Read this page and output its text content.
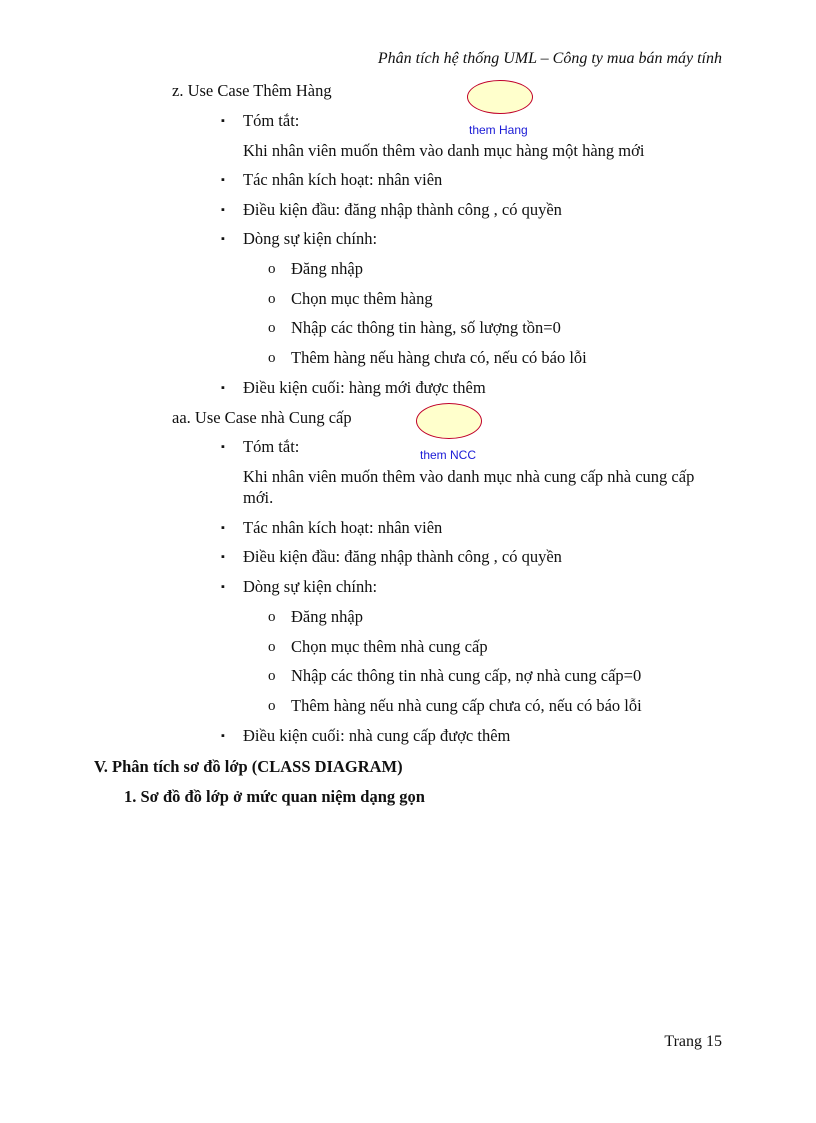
Phân tích hệ thống UML – Công ty mua bán máy tính
z. Use Case Thêm Hàng
them Hang
▪ Tóm tắt:
Khi nhân viên muốn thêm vào danh mục hàng một hàng mới
▪ Tác nhân kích hoạt: nhân viên
▪ Điều kiện đầu: đăng nhập thành công , có quyền
▪ Dòng sự kiện chính:
o Đăng nhập
o Chọn mục thêm hàng
o Nhập các thông tin hàng, số lượng tồn=0
o Thêm hàng nếu hàng chưa có, nếu có báo lỗi
▪ Điều kiện cuối: hàng mới được thêm
aa. Use Case nhà Cung cấp
them NCC
▪ Tóm tắt:
Khi nhân viên muốn thêm vào danh mục nhà cung cấp nhà cung cấp
mới.
▪ Tác nhân kích hoạt: nhân viên
▪ Điều kiện đầu: đăng nhập thành công , có quyền
▪ Dòng sự kiện chính:
o Đăng nhập
o Chọn mục thêm nhà cung cấp
o Nhập các thông tin nhà cung cấp, nợ nhà cung cấp=0
o Thêm hàng nếu nhà cung cấp chưa có, nếu có báo lỗi
▪ Điều kiện cuối: nhà cung cấp được thêm
V. Phân tích sơ đồ lớp (CLASS DIAGRAM)
1. Sơ đồ đồ lớp ở mức quan niệm dạng gọn
Trang 15
